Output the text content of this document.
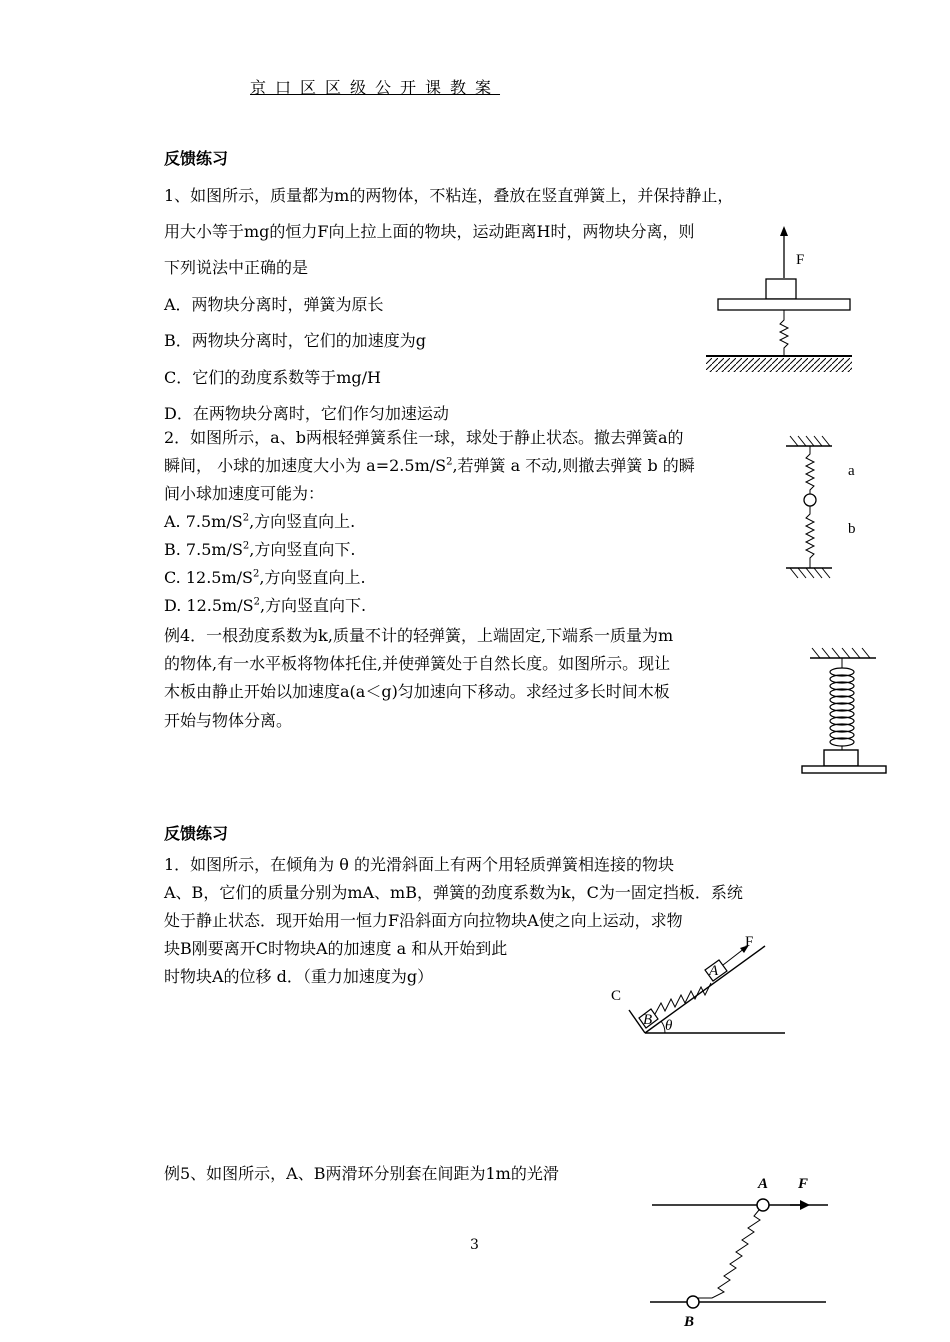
京口区区级公开课教案
反馈练习
1、如图所示，质量都为m的两物体，不粘连，叠放在竖直弹簧上，并保持静止，
用大小等于mg的恒力F向上拉上面的物块，运动距离H时，两物块分离，则
下列说法中正确的是
A．两物块分离时，弹簧为原长
B．两物块分离时，它们的加速度为g
C．它们的劲度系数等于mg/H
D．在两物块分离时，它们作匀加速运动
F
2．如图所示，a、b两根轻弹簧系住一球，球处于静止状态。撤去弹簧a的
瞬间， 小球的加速度大小为 $a=2.5m/S^2$,若弹簧 a 不动,则撤去弹簧 b 的瞬
间小球加速度可能为：
A. $7.5m/S^2$,方向竖直向上.
B. $7.5m/S^2$,方向竖直向下.
C. $12.5m/S^2$,方向竖直向上.
D. $12.5m/S^2$,方向竖直向下.
a
b
例4．一根劲度系数为k,质量不计的轻弹簧，上端固定,下端系一质量为m
的物体,有一水平板将物体托住,并使弹簧处于自然长度。如图所示。现让
木板由静止开始以加速度a(a＜g)匀加速向下移动。求经过多长时间木板
开始与物体分离。
反馈练习
1．如图所示，在倾角为 θ 的光滑斜面上有两个用轻质弹簧相连接的物块
A、B，它们的质量分别为mA、mB，弹簧的劲度系数为k，C为一固定挡板．系统
处于静止状态．现开始用一恒力F沿斜面方向拉物块A使之向上运动，求物
块B刚要离开C时物块A的加速度 a 和从开始到此
时物块A的位移 d．（重力加速度为g）
C
B
A
F
θ
例5、如图所示，A、B两滑环分别套在间距为1m的光滑
A
B
F
3
